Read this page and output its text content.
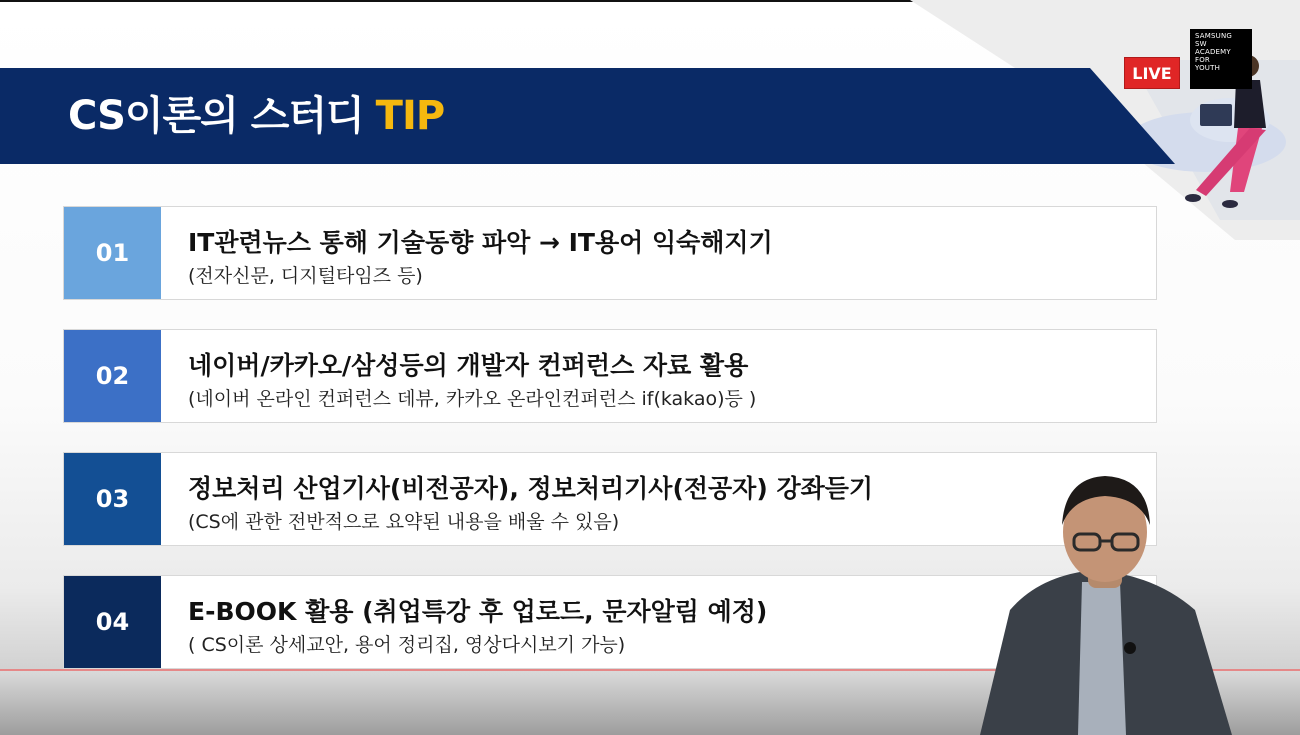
CS이론의 스터디 TIP
LIVE
SAMSUNG
SW
ACADEMY
FOR
YOUTH
01	IT관련뉴스 통해 기술동향 파악 → IT용어 익숙해지기
(전자신문, 디지털타임즈 등)
02	네이버/카카오/삼성등의 개발자 컨퍼런스 자료 활용
(네이버 온라인 컨퍼런스 데뷰, 카카오 온라인컨퍼런스 if(kakao)등 )
03	정보처리 산업기사(비전공자), 정보처리기사(전공자) 강좌듣기
(CS에 관한 전반적으로 요약된 내용을 배울 수 있음)
04	E-BOOK 활용 (취업특강 후 업로드, 문자알림 예정)
( CS이론 상세교안, 용어 정리집, 영상다시보기 가능)
